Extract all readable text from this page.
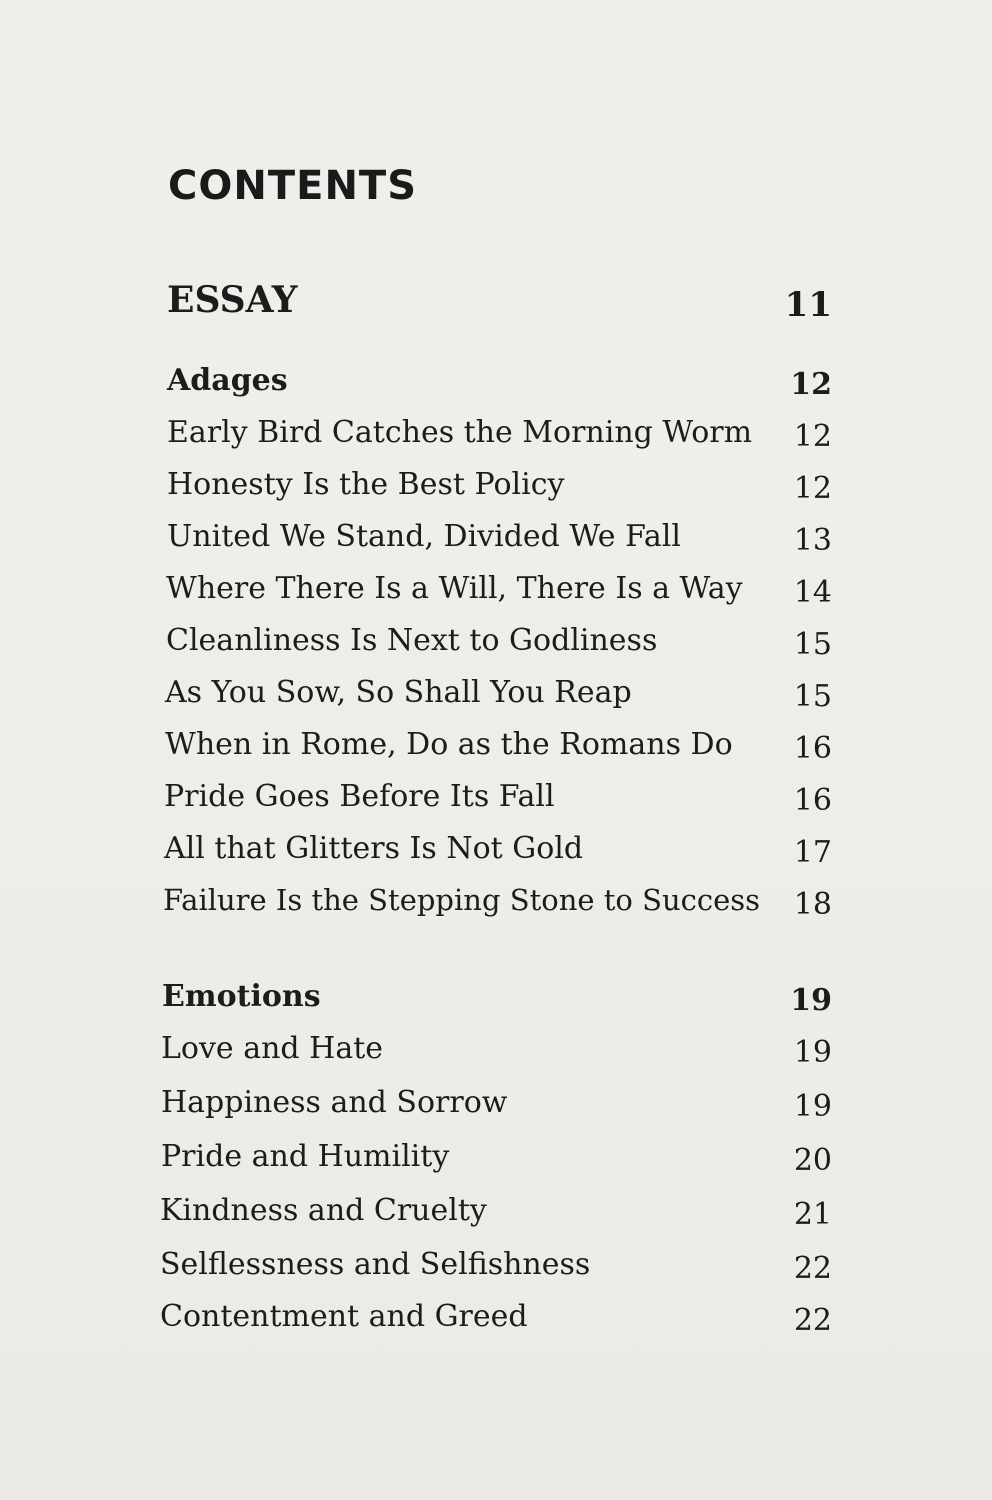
CONTENTS
ESSAY	11
Adages	12
Early Bird Catches the Morning Worm 12
Honesty Is the Best Policy	12
United We Stand, Divided We Fall	13
Where There Is a Will, There Is a Way 14
Cleanliness Is Next to Godliness	15
As You Sow, So Shall You Reap	15
When in Rome, Do as the Romans Do 16
Pride Goes Before Its Fall	16
All that Glitters Is Not Gold	17
Failure Is the Stepping Stone to Success 18
Emotions	19
Love and Hate	19
Happiness and Sorrow	19
Pride and Humility	20
Kindness and Cruelty	21
Selflessness and Selfishness	22
Contentment and Greed	22
